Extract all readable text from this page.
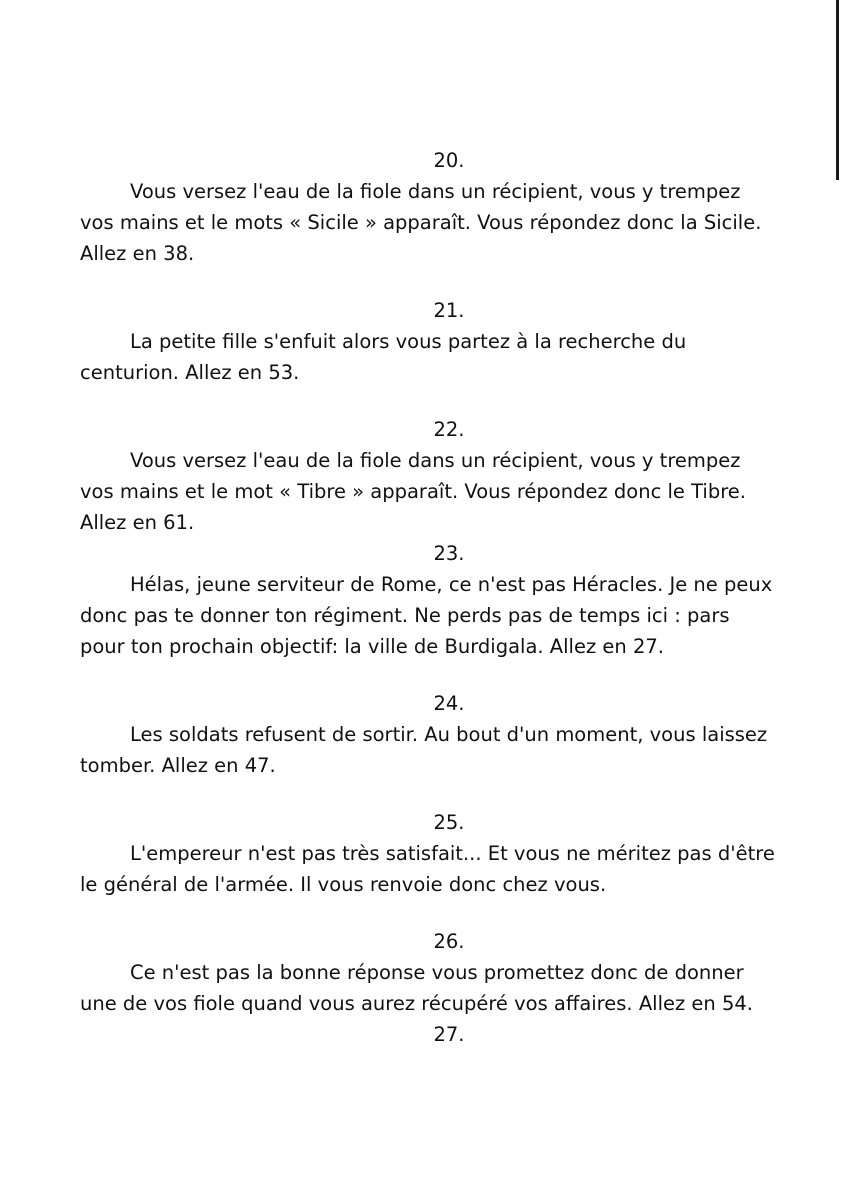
20.

Vous versez l'eau de la fiole dans un récipient, vous y trempez vos mains et le mots « Sicile » apparaît. Vous répondez donc la Sicile. Allez en 38.

21.

La petite fille s'enfuit alors vous partez à la recherche du centurion. Allez en 53.

22.

Vous versez l'eau de la fiole dans un récipient, vous y trempez vos mains et le mot « Tibre » apparaît. Vous répondez donc le Tibre. Allez en 61.

23.

Hélas, jeune serviteur de Rome, ce n'est pas Héracles. Je ne peux donc pas te donner ton régiment. Ne perds pas de temps ici : pars pour ton prochain objectif: la ville de Burdigala. Allez en 27.

24.

Les soldats refusent de sortir. Au bout d'un moment, vous laissez tomber. Allez en 47.

25.

L'empereur n'est pas très satisfait... Et vous ne méritez pas d'être le général de l'armée. Il vous renvoie donc chez vous.

26.

Ce n'est pas la bonne réponse vous promettez donc de donner une de vos fiole quand vous aurez récupéré vos affaires. Allez en 54.

27.
